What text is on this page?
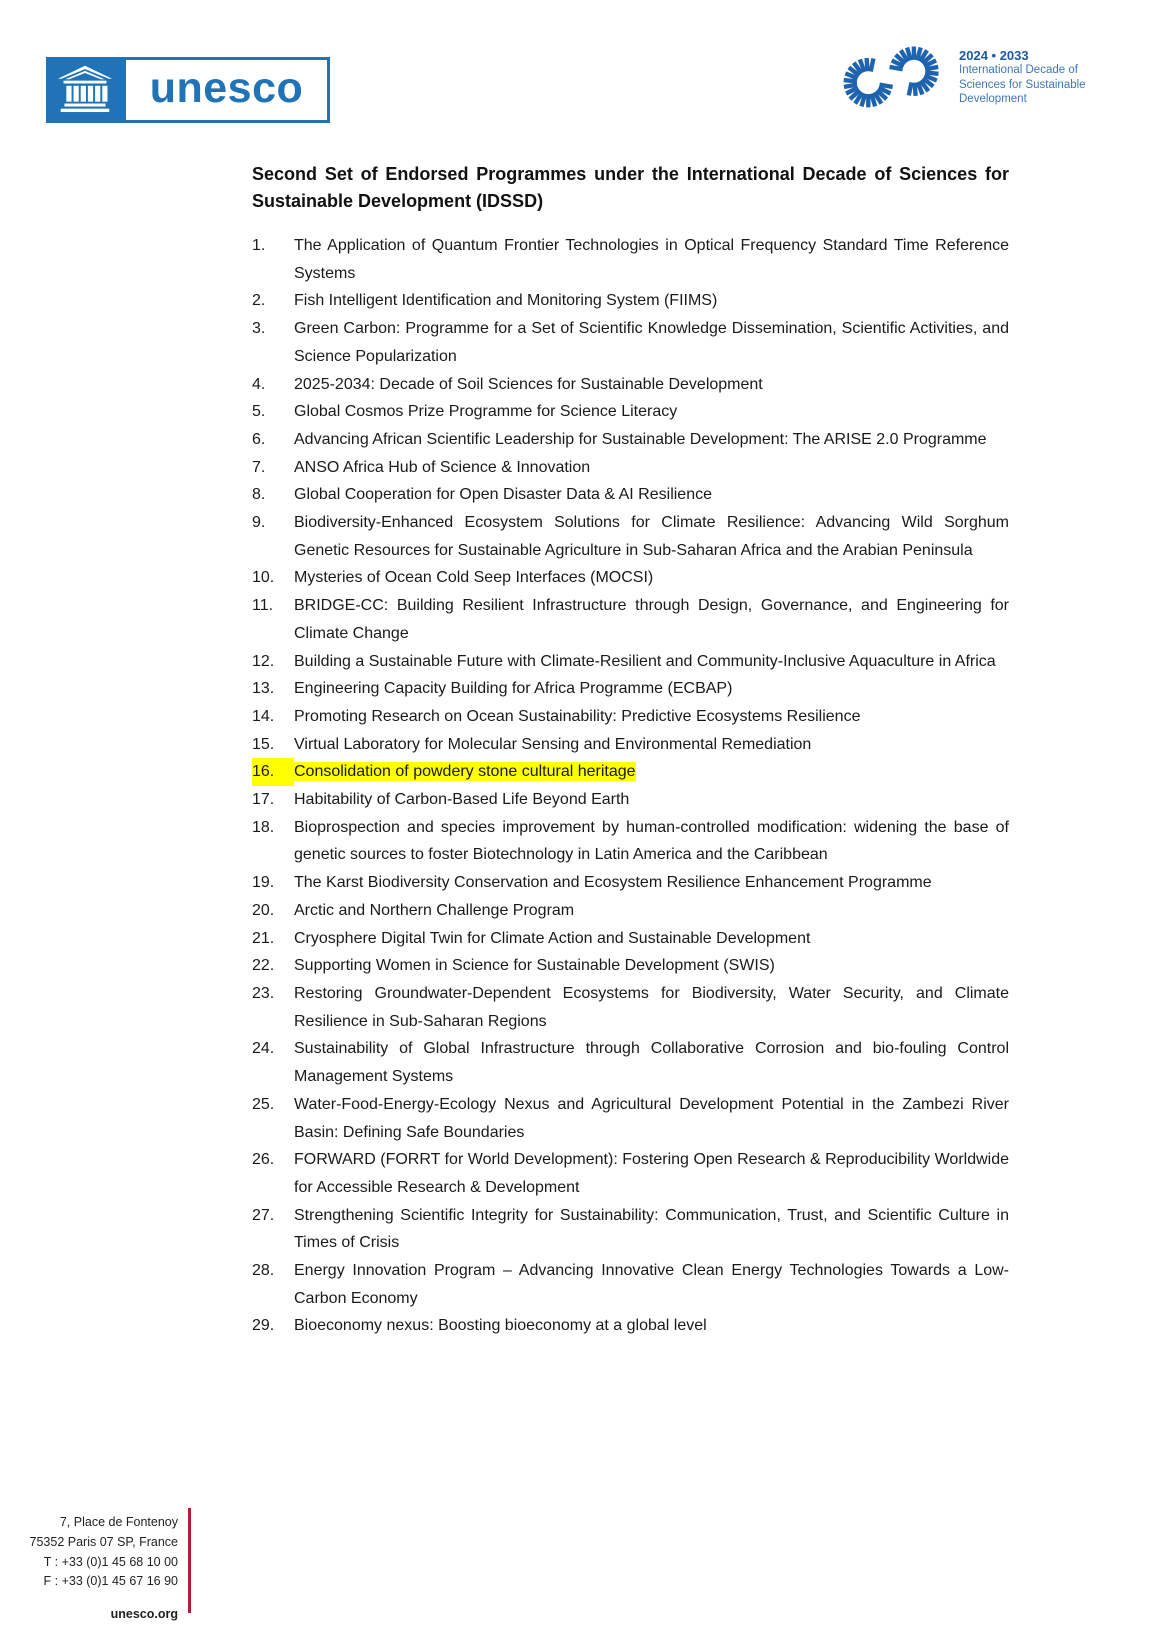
unesco
2024 • 2033
International Decade of
Sciences for Sustainable
Development
Second Set of Endorsed Programmes under the International Decade of Sciences for Sustainable Development (IDSSD)
1.	The Application of Quantum Frontier Technologies in Optical Frequency Standard Time Reference Systems
2.	Fish Intelligent Identification and Monitoring System (FIIMS)
3.	Green Carbon: Programme for a Set of Scientific Knowledge Dissemination, Scientific Activities, and Science Popularization
4.	2025-2034: Decade of Soil Sciences for Sustainable Development
5.	Global Cosmos Prize Programme for Science Literacy
6.	Advancing African Scientific Leadership for Sustainable Development: The ARISE 2.0 Programme
7.	ANSO Africa Hub of Science & Innovation
8.	Global Cooperation for Open Disaster Data & AI Resilience
9.	Biodiversity-Enhanced Ecosystem Solutions for Climate Resilience: Advancing Wild Sorghum Genetic Resources for Sustainable Agriculture in Sub-Saharan Africa and the Arabian Peninsula
10.	Mysteries of Ocean Cold Seep Interfaces (MOCSI)
11.	BRIDGE-CC: Building Resilient Infrastructure through Design, Governance, and Engineering for Climate Change
12.	Building a Sustainable Future with Climate-Resilient and Community-Inclusive Aquaculture in Africa
13.	Engineering Capacity Building for Africa Programme (ECBAP)
14.	Promoting Research on Ocean Sustainability: Predictive Ecosystems Resilience
15.	Virtual Laboratory for Molecular Sensing and Environmental Remediation
16.	Consolidation of powdery stone cultural heritage
17.	Habitability of Carbon-Based Life Beyond Earth
18.	Bioprospection and species improvement by human-controlled modification: widening the base of genetic sources to foster Biotechnology in Latin America and the Caribbean
19.	The Karst Biodiversity Conservation and Ecosystem Resilience Enhancement Programme
20.	Arctic and Northern Challenge Program
21.	Cryosphere Digital Twin for Climate Action and Sustainable Development
22.	Supporting Women in Science for Sustainable Development (SWIS)
23.	Restoring Groundwater-Dependent Ecosystems for Biodiversity, Water Security, and Climate Resilience in Sub-Saharan Regions
24.	Sustainability of Global Infrastructure through Collaborative Corrosion and bio-fouling Control Management Systems
25.	Water-Food-Energy-Ecology Nexus and Agricultural Development Potential in the Zambezi River Basin: Defining Safe Boundaries
26.	FORWARD (FORRT for World Development): Fostering Open Research & Reproducibility Worldwide for Accessible Research & Development
27.	Strengthening Scientific Integrity for Sustainability: Communication, Trust, and Scientific Culture in Times of Crisis
28.	Energy Innovation Program – Advancing Innovative Clean Energy Technologies Towards a Low-Carbon Economy
29.	Bioeconomy nexus: Boosting bioeconomy at a global level
7, Place de Fontenoy
75352 Paris 07 SP, France
T : +33 (0)1 45 68 10 00
F : +33 (0)1 45 67 16 90
unesco.org
